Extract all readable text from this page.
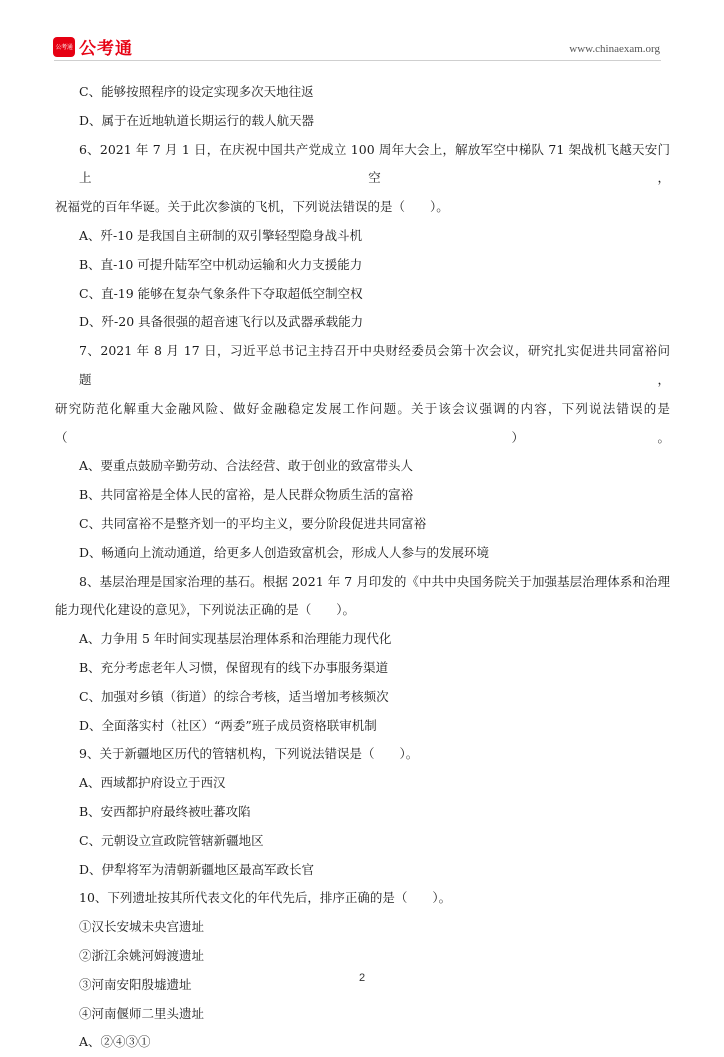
公考通 公考通	www.chinaexam.org
C、能够按照程序的设定实现多次天地往返
D、属于在近地轨道长期运行的载人航天器
6、2021 年 7 月 1 日，在庆祝中国共产党成立 100 周年大会上，解放军空中梯队 71 架战机飞越天安门上空，
祝福党的百年华诞。关于此次参演的飞机，下列说法错误的是（　　）。
A、歼-10 是我国自主研制的双引擎轻型隐身战斗机
B、直-10 可提升陆军空中机动运输和火力支援能力
C、直-19 能够在复杂气象条件下夺取超低空制空权
D、歼-20 具备很强的超音速飞行以及武器承载能力
7、2021 年 8 月 17 日，习近平总书记主持召开中央财经委员会第十次会议，研究扎实促进共同富裕问题，
研究防范化解重大金融风险、做好金融稳定发展工作问题。关于该会议强调的内容，下列说法错误的是（　　）。
A、要重点鼓励辛勤劳动、合法经营、敢于创业的致富带头人
B、共同富裕是全体人民的富裕，是人民群众物质生活的富裕
C、共同富裕不是整齐划一的平均主义，要分阶段促进共同富裕
D、畅通向上流动通道，给更多人创造致富机会，形成人人参与的发展环境
8、基层治理是国家治理的基石。根据 2021 年 7 月印发的《中共中央国务院关于加强基层治理体系和治理
能力现代化建设的意见》，下列说法正确的是（　　）。
A、力争用 5 年时间实现基层治理体系和治理能力现代化
B、充分考虑老年人习惯，保留现有的线下办事服务渠道
C、加强对乡镇（街道）的综合考核，适当增加考核频次
D、全面落实村（社区）“两委”班子成员资格联审机制
9、关于新疆地区历代的管辖机构，下列说法错误是（　　）。
A、西域都护府设立于西汉
B、安西都护府最终被吐蕃攻陷
C、元朝设立宣政院管辖新疆地区
D、伊犁将军为清朝新疆地区最高军政长官
10、下列遗址按其所代表文化的年代先后，排序正确的是（　　）。
①汉长安城未央宫遗址
②浙江余姚河姆渡遗址
③河南安阳殷墟遗址
④河南偃师二里头遗址
A、②④③①
2
